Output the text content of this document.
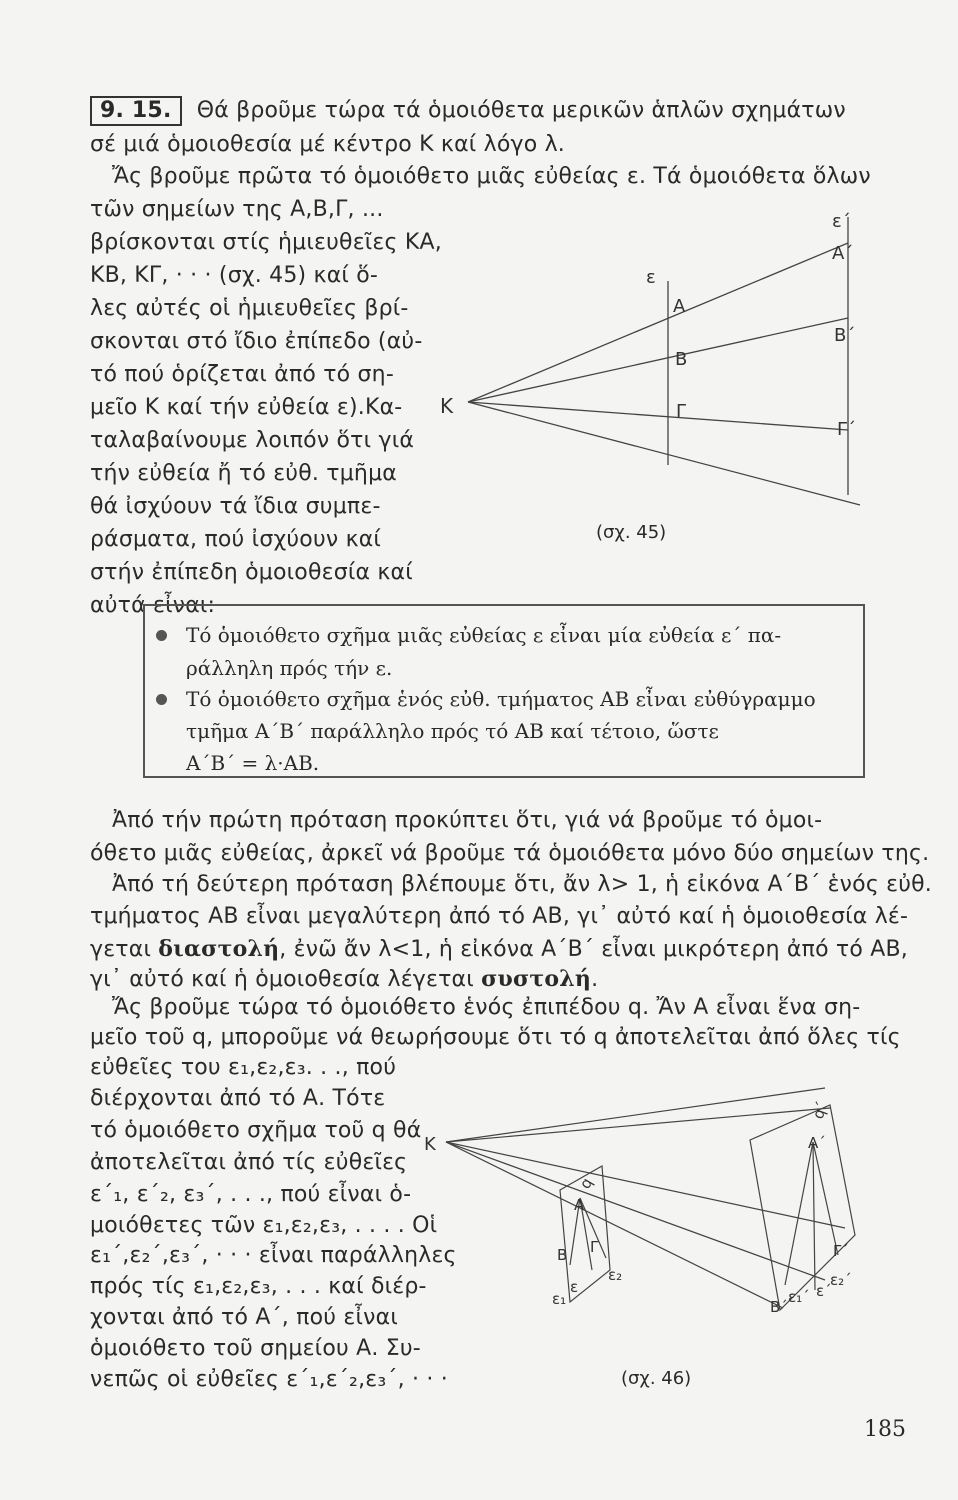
9. 15. Θά βροῦμε τώρα τά ὁμοιόθετα μερικῶν ἁπλῶν σχημάτων
σέ μιά ὁμοιοθεσία μέ κέντρο Κ καί λόγο λ.
Ἄς βροῦμε πρῶτα τό ὁμοιόθετο μιᾶς εὐθείας ε. Τά ὁμοιόθετα ὅλων
τῶν σημείων της Α,Β,Γ, ...
βρίσκονται στίς ἡμιευθεῖες ΚΑ,
ΚΒ, ΚΓ, · · · (σχ. 45) καί ὅ-
λες αὐτές οἱ ἡμιευθεῖες βρί-
σκονται στό ἴδιο ἐπίπεδο (αὐ-
τό πού ὁρίζεται ἀπό τό ση-
μεῖο Κ καί τήν εὐθεία ε).Κα-
ταλαβαίνουμε λοιπόν ὅτι γιά
τήν εὐθεία ἤ τό εὐθ. τμῆμα
θά ἰσχύουν τά ἴδια συμπε-
ράσματα, πού ἰσχύουν καί
στήν ἐπίπεδη ὁμοιοθεσία καί
αὐτά εἶναι:
Κ
ε
ε΄
Α
Β
Γ
Α΄
Β΄
Γ΄
(σχ. 45)
Τό ὁμοιόθετο σχῆμα μιᾶς εὐθείας ε εἶναι μία εὐθεία ε΄ πα-
ράλληλη πρός τήν ε.
Τό ὁμοιόθετο σχῆμα ἑνός εὐθ. τμήματος ΑΒ εἶναι εὐθύγραμμο
τμῆμα Α΄Β΄ παράλληλο πρός τό ΑΒ καί τέτοιο, ὥστε
Α΄Β΄ = λ·ΑΒ.
Ἀπό τήν πρώτη πρόταση προκύπτει ὅτι, γιά νά βροῦμε τό ὁμοι-
όθετο μιᾶς εὐθείας, ἀρκεῖ νά βροῦμε τά ὁμοιόθετα μόνο δύο σημείων της.
Ἀπό τή δεύτερη πρόταση βλέπουμε ὅτι, ἄν λ> 1, ἡ εἰκόνα Α΄Β΄ ἑνός εὐθ.
τμήματος ΑΒ εἶναι μεγαλύτερη ἀπό τό ΑΒ, γι᾽ αὐτό καί ἡ ὁμοιοθεσία λέ-
γεται διαστολή, ἐνῶ ἄν λ<1, ἡ εἰκόνα Α΄Β΄ εἶναι μικρότερη ἀπό τό ΑΒ,
γι᾽ αὐτό καί ἡ ὁμοιοθεσία λέγεται συστολή.
Ἄς βροῦμε τώρα τό ὁμοιόθετο ἑνός ἐπιπέδου q. Ἄν Α εἶναι ἕνα ση-
μεῖο τοῦ q, μποροῦμε νά θεωρήσουμε ὅτι τό q ἀποτελεῖται ἀπό ὅλες τίς
εὐθεῖες του ε₁,ε₂,ε₃. . ., πού
διέρχονται ἀπό τό Α. Τότε
τό ὁμοιόθετο σχῆμα τοῦ q θά
ἀποτελεῖται ἀπό τίς εὐθεῖες
ε΄₁, ε΄₂, ε₃΄, . . ., πού εἶναι ὁ-
μοιόθετες τῶν ε₁,ε₂,ε₃, . . . . Οἱ
ε₁΄,ε₂΄,ε₃΄, · · · εἶναι παράλληλες
πρός τίς ε₁,ε₂,ε₃, . . . καί διέρ-
χονται ἀπό τό Α΄, πού εἶναι
ὁμοιόθετο τοῦ σημείου Α. Συ-
νεπῶς οἱ εὐθεῖες ε΄₁,ε΄₂,ε₃΄, · · ·
Κ
q
Α
Β Γ
ε
ε₁
ε₂
q΄
Α΄
Γ΄
Β΄
ε₁΄ ε΄
ε₂΄
(σχ. 46)
185
